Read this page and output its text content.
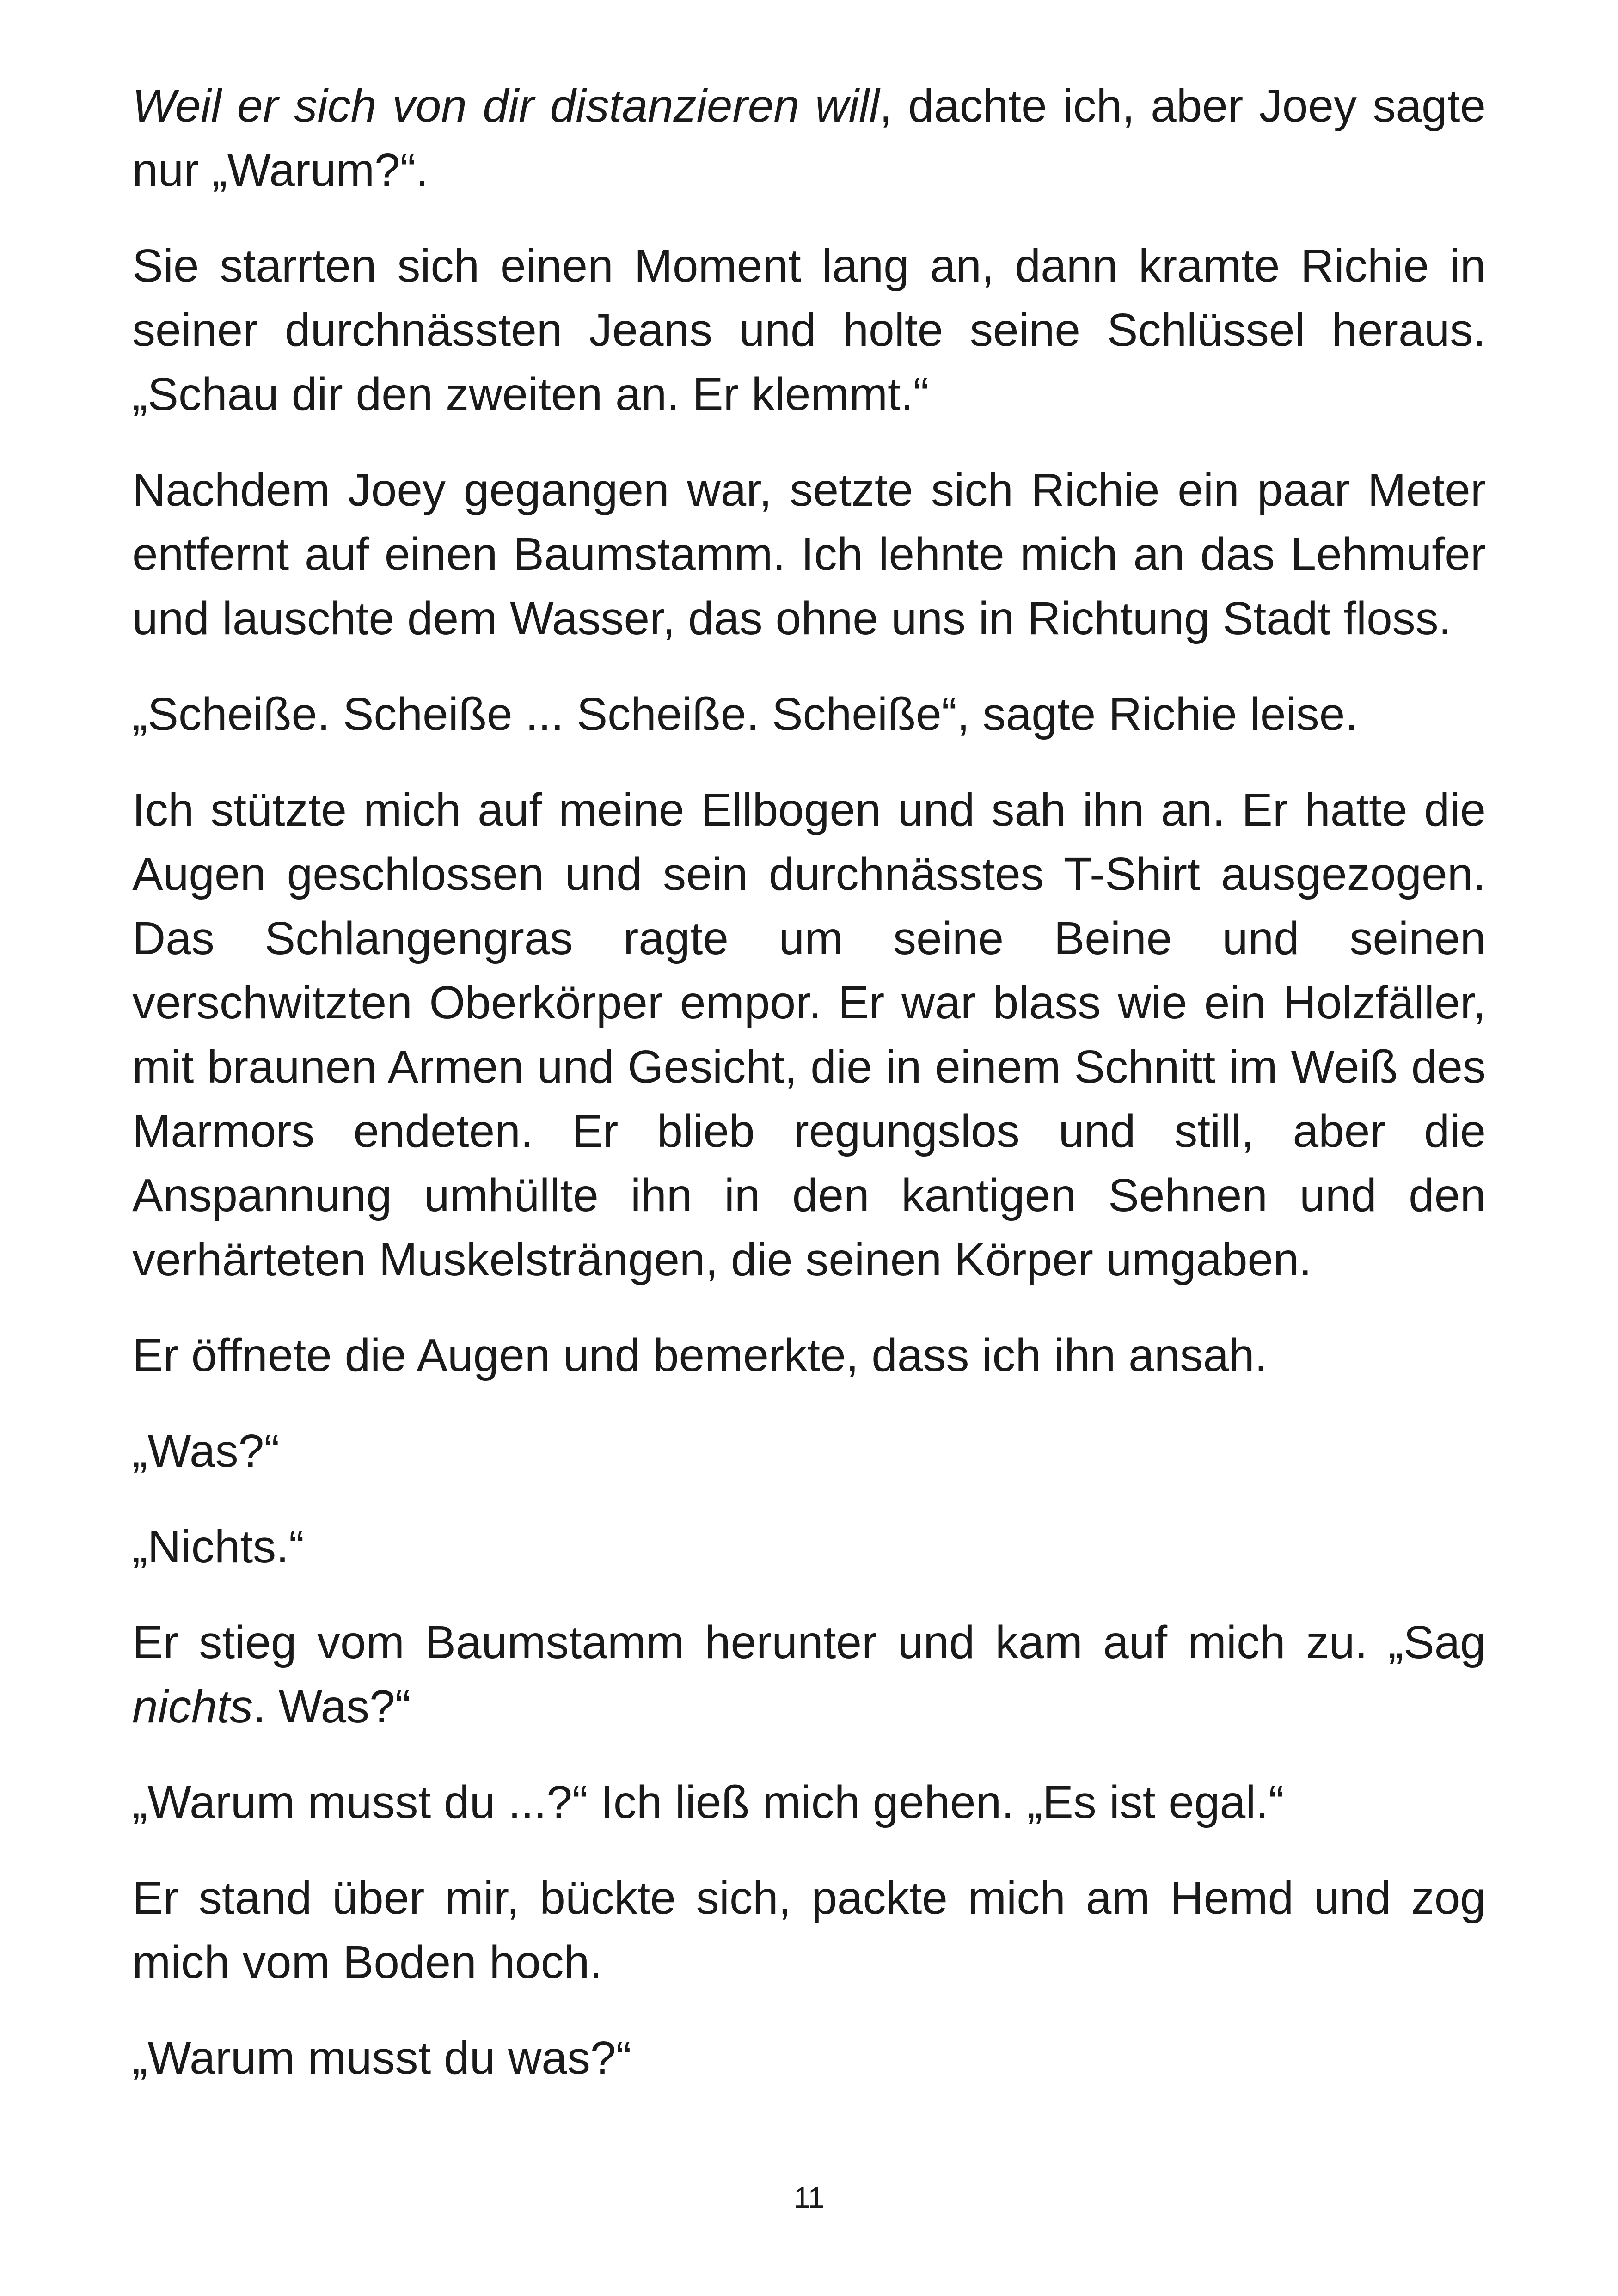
Weil er sich von dir distanzieren will, dachte ich, aber Joey sagte nur „Warum?“.

Sie starrten sich einen Moment lang an, dann kramte Richie in seiner durchnässten Jeans und holte seine Schlüssel heraus. „Schau dir den zweiten an. Er klemmt.“

Nachdem Joey gegangen war, setzte sich Richie ein paar Meter entfernt auf einen Baumstamm. Ich lehnte mich an das Lehmufer und lauschte dem Wasser, das ohne uns in Richtung Stadt floss.

„Scheiße. Scheiße ... Scheiße. Scheiße“, sagte Richie leise.

Ich stützte mich auf meine Ellbogen und sah ihn an. Er hatte die Augen geschlossen und sein durchnässtes T-Shirt ausgezogen. Das Schlangengras ragte um seine Beine und seinen verschwitzten Oberkörper empor. Er war blass wie ein Holzfäller, mit braunen Armen und Gesicht, die in einem Schnitt im Weiß des Marmors endeten. Er blieb regungslos und still, aber die Anspannung umhüllte ihn in den kantigen Sehnen und den verhärteten Muskelsträngen, die seinen Körper umgaben.

Er öffnete die Augen und bemerkte, dass ich ihn ansah.

„Was?“

„Nichts.“

Er stieg vom Baumstamm herunter und kam auf mich zu. „Sag nichts. Was?“

„Warum musst du ...?“ Ich ließ mich gehen. „Es ist egal.“

Er stand über mir, bückte sich, packte mich am Hemd und zog mich vom Boden hoch.

„Warum musst du was?“

11
